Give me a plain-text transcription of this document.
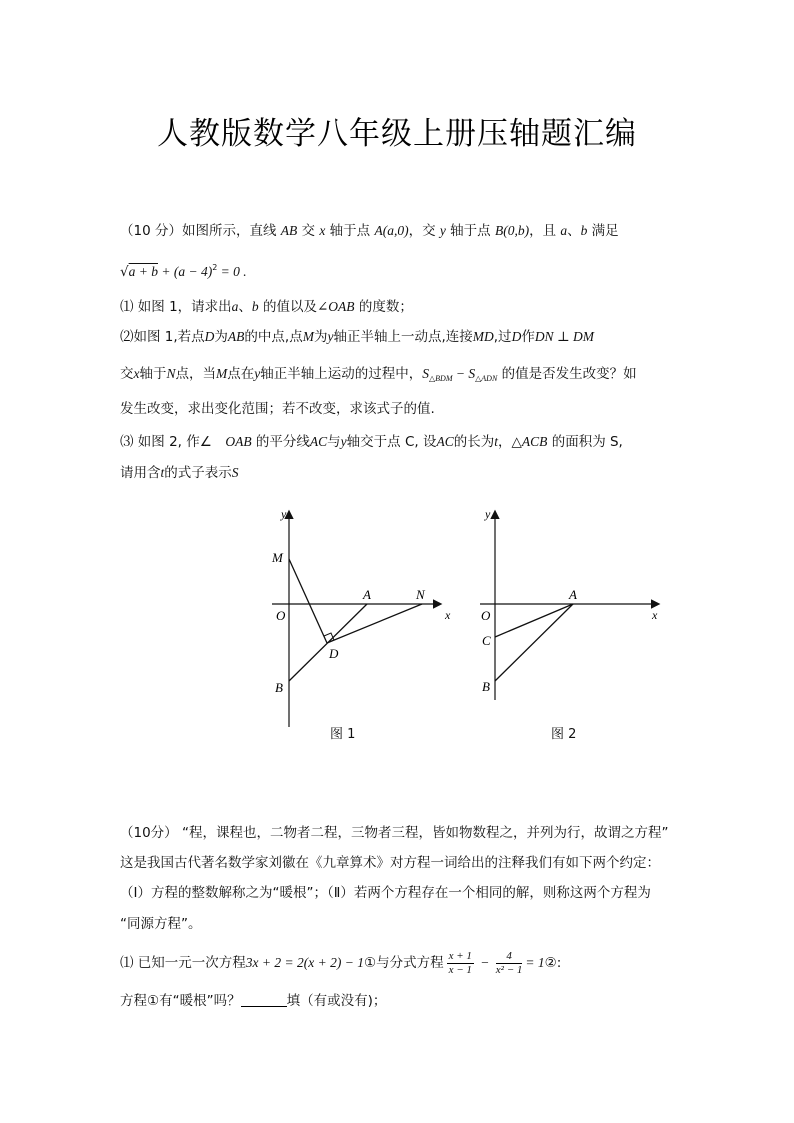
人教版数学八年级上册压轴题汇编
（10 分）如图所示，直线 AB 交 x 轴于点 A(a,0)，交 y 轴于点 B(0,b)，且 a、b 满足
$√a + b + (a - 4)^2 = 0$ .
⑴ 如图 1，请求出a、b 的值以及∠OAB 的度数；
⑵如图 1,若点D为AB的中点,点M为y轴正半轴上一动点,连接MD,过D作DN ⊥ DM
交x轴于N点，当M点在y轴正半轴上运动的过程中，$S_{\triangle BDM} - S_{\triangle ADN}$ 的值是否发生改变？如
发生改变，求出变化范围；若不改变，求该式子的值.
⑶ 如图 2, 作∠　OAB 的平分线AC与y轴交于点 C, 设AC的长为t，△ACB 的面积为 S,
请用含t的式子表示S
y
M
O
A	N
x
D
B
y
O
A
x
C
B
图 1	图 2
（10分） “程，课程也，二物者二程，三物者三程，皆如物数程之，并列为行，故谓之方程”
这是我国古代著名数学家刘徽在《九章算术》对方程一词给出的注释我们有如下两个约定：
（Ⅰ）方程的整数解称之为“暖根”；（Ⅱ）若两个方程存在一个相同的解，则称这两个方程为
“同源方程”。
⑴ 已知一元一次方程3x + 2 = 2(x + 2) − 1①与分式方程 $\frac{x + 1}{x - 1} - \frac{4}{\text{x² − 1}}$ = 1②:
方程①有“暖根”吗？	填（有或没有)；
